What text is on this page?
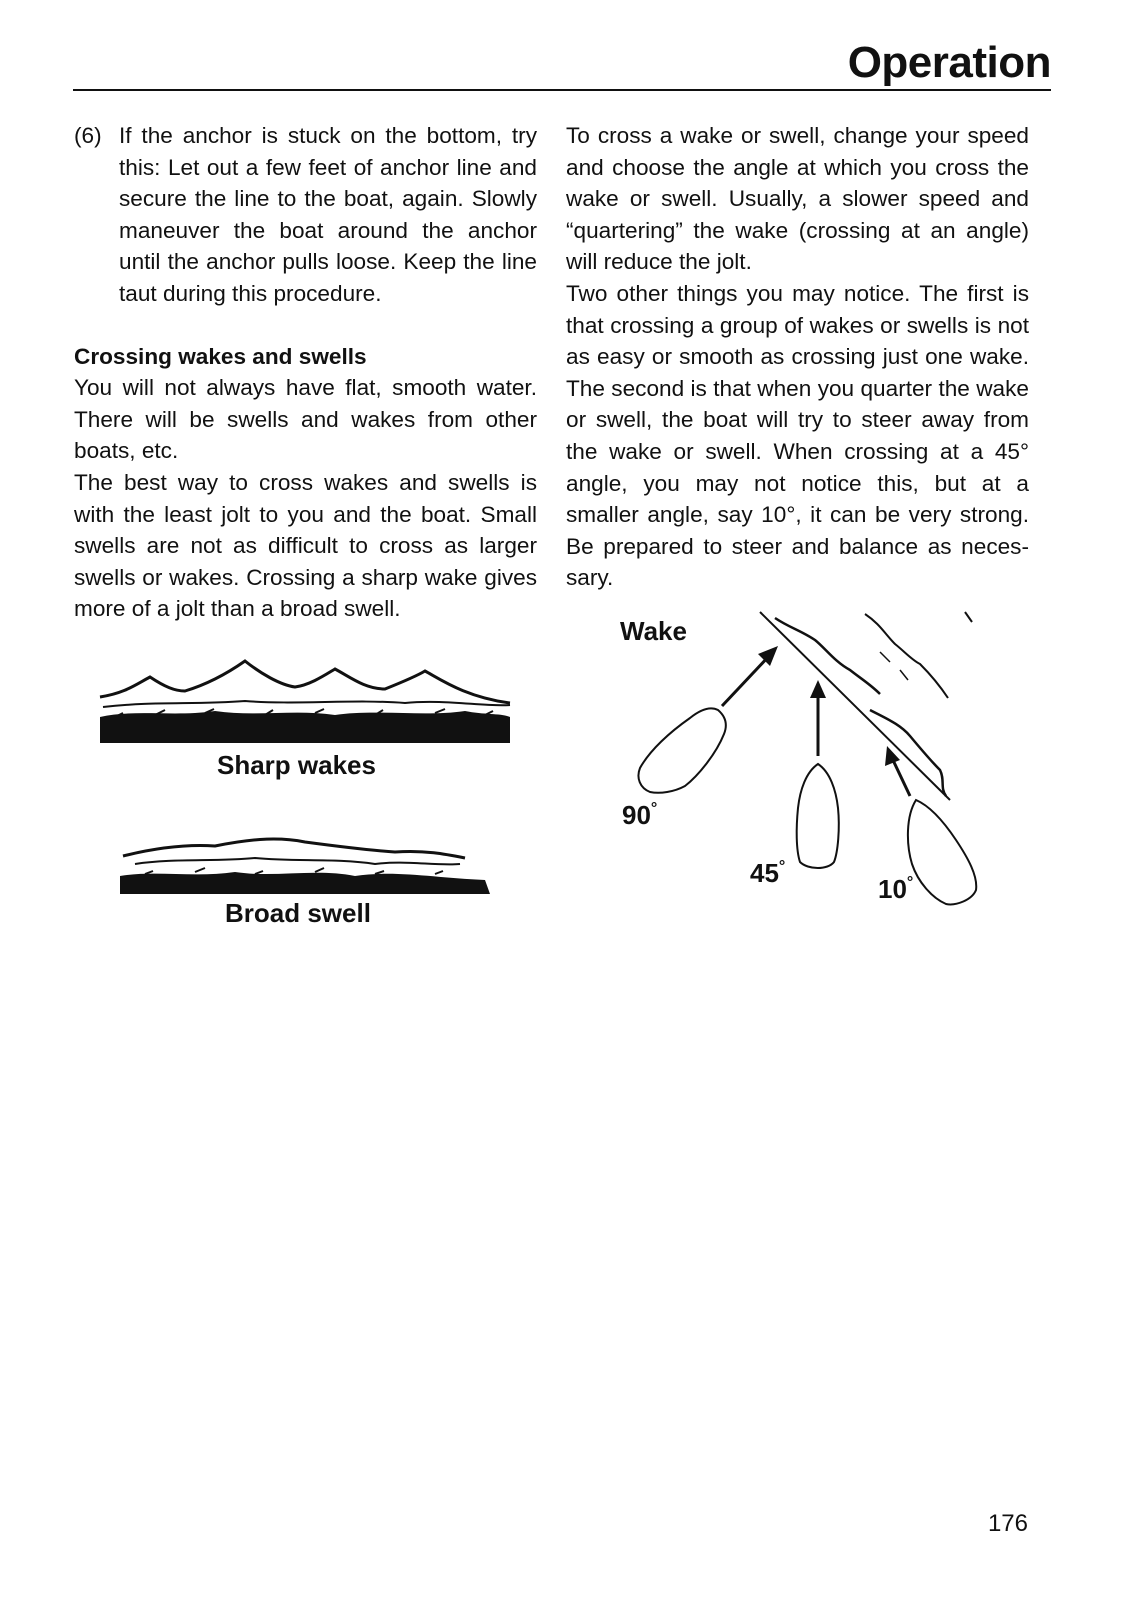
Operation
(6) If the anchor is stuck on the bottom, try this: Let out a few feet of anchor line and secure the line to the boat, again. Slowly maneuver the boat around the anchor until the anchor pulls loose. Keep the line taut during this procedure.
Crossing wakes and swells

You will not always have flat, smooth water. There will be swells and wakes from other boats, etc.

The best way to cross wakes and swells is with the least jolt to you and the boat. Small swells are not as difficult to cross as larger swells or wakes. Crossing a sharp wake gives more of a jolt than a broad swell.

To cross a wake or swell, change your speed and choose the angle at which you cross the wake or swell. Usually, a slower speed and “quartering” the wake (crossing at an angle) will reduce the jolt.

Two other things you may notice. The first is that crossing a group of wakes or swells is not as easy or smooth as crossing just one wake. The second is that when you quarter the wake or swell, the boat will try to steer away from the wake or swell. When crossing at a 45° angle, you may not notice this, but at a smaller angle, say 10°, it can be very strong. Be prepared to steer and balance as neces-sary.

Sharp wakes
Broad swell
Wake
90°
45°
10°
176
